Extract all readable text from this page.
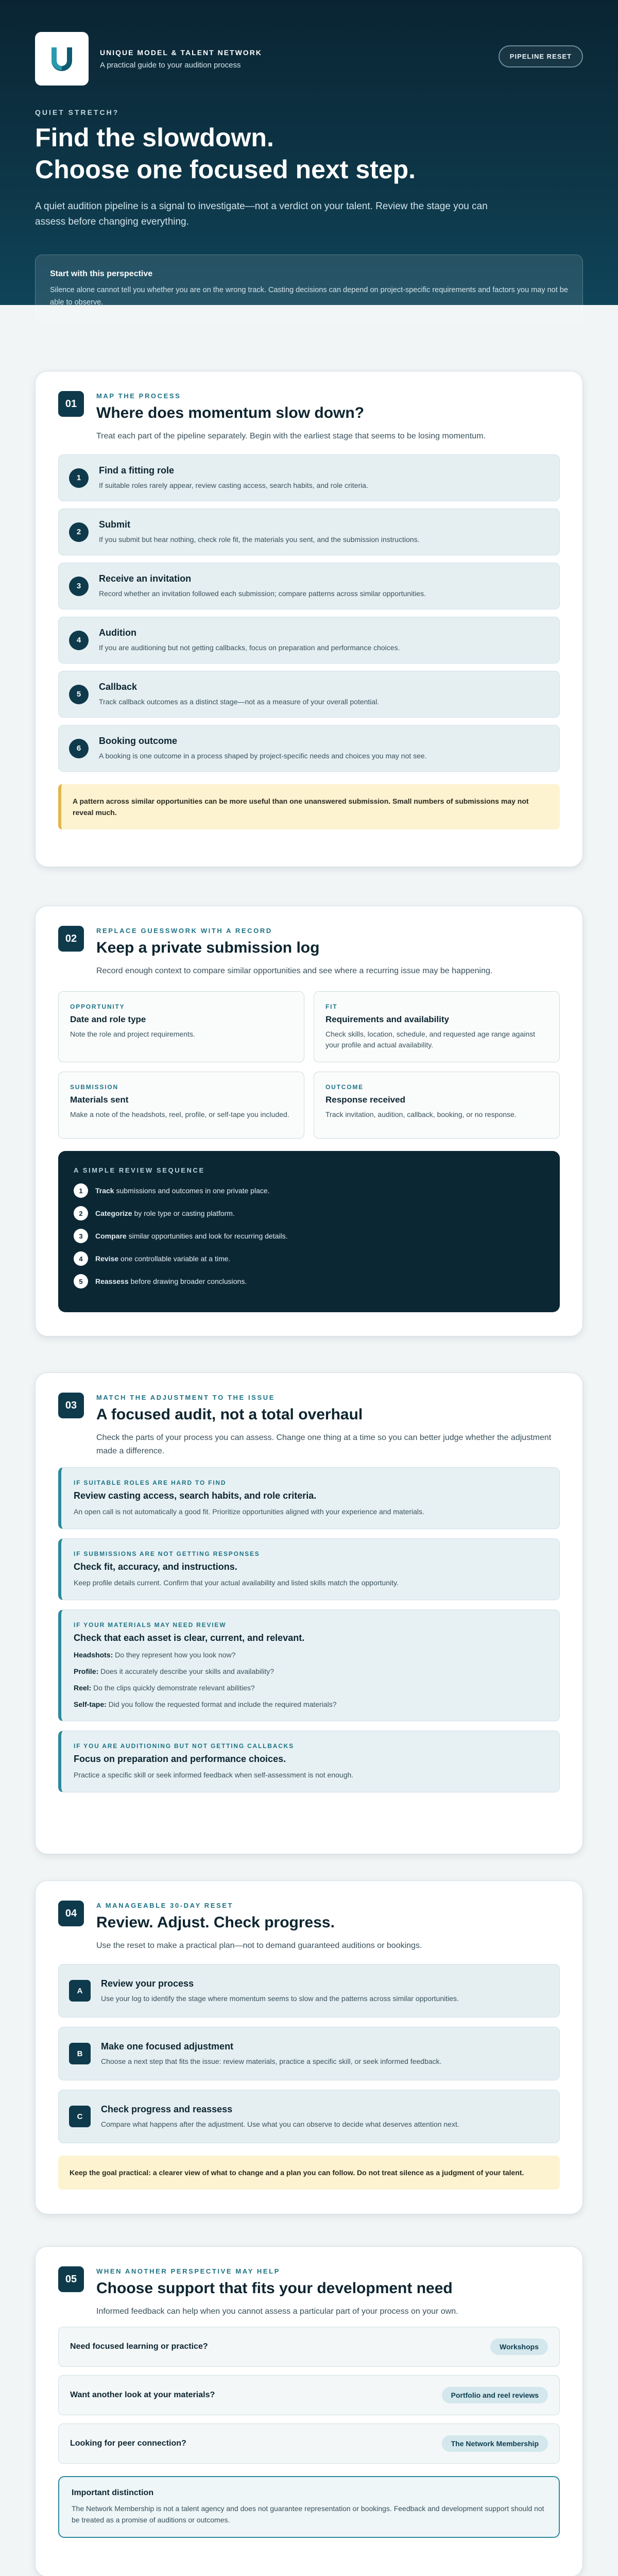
UNIQUE MODEL & TALENT NETWORK
A practical guide to your audition process
PIPELINE RESET
QUIET STRETCH?
Find the slowdown.
Choose one focused next step.

A quiet audition pipeline is a signal to investigate—not a verdict on your talent. Review the stage you can assess before changing everything.

Start with this perspective
Silence alone cannot tell you whether you are on the wrong track. Casting decisions can depend on project-specific requirements and factors you may not be able to observe.
01
MAP THE PROCESS
Where does momentum slow down?

Treat each part of the pipeline separately. Begin with the earliest stage that seems to be losing momentum.

1
Find a fitting role
If suitable roles rarely appear, review casting access, search habits, and role criteria.
2
Submit
If you submit but hear nothing, check role fit, the materials you sent, and the submission instructions.
3
Receive an invitation
Record whether an invitation followed each submission; compare patterns across similar opportunities.
4
Audition
If you are auditioning but not getting callbacks, focus on preparation and performance choices.
5
Callback
Track callback outcomes as a distinct stage—not as a measure of your overall potential.
6
Booking outcome
A booking is one outcome in a process shaped by project-specific needs and choices you may not see.
A pattern across similar opportunities can be more useful than one unanswered submission. Small numbers of submissions may not reveal much.
02
REPLACE GUESSWORK WITH A RECORD
Keep a private submission log

Record enough context to compare similar opportunities and see where a recurring issue may be happening.

OPPORTUNITY
Date and role type
Note the role and project requirements.
FIT
Requirements and availability
Check skills, location, schedule, and requested age range against your profile and actual availability.
SUBMISSION
Materials sent
Make a note of the headshots, reel, profile, or self-tape you included.
OUTCOME
Response received
Track invitation, audition, callback, booking, or no response.
A SIMPLE REVIEW SEQUENCE
1	Track submissions and outcomes in one private place.
2	Categorize by role type or casting platform.
3	Compare similar opportunities and look for recurring details.
4	Revise one controllable variable at a time.
5	Reassess before drawing broader conclusions.
03
MATCH THE ADJUSTMENT TO THE ISSUE
A focused audit, not a total overhaul

Check the parts of your process you can assess. Change one thing at a time so you can better judge whether the adjustment made a difference.

IF SUITABLE ROLES ARE HARD TO FIND
Review casting access, search habits, and role criteria.
An open call is not automatically a good fit. Prioritize opportunities aligned with your experience and materials.
IF SUBMISSIONS ARE NOT GETTING RESPONSES
Check fit, accuracy, and instructions.
Keep profile details current. Confirm that your actual availability and listed skills match the opportunity.
IF YOUR MATERIALS MAY NEED REVIEW
Check that each asset is clear, current, and relevant.
Headshots: Do they represent how you look now?
Profile: Does it accurately describe your skills and availability?
Reel: Do the clips quickly demonstrate relevant abilities?
Self-tape: Did you follow the requested format and include the required materials?
IF YOU ARE AUDITIONING BUT NOT GETTING CALLBACKS
Focus on preparation and performance choices.
Practice a specific skill or seek informed feedback when self-assessment is not enough.
04
A MANAGEABLE 30-DAY RESET
Review. Adjust. Check progress.

Use the reset to make a practical plan—not to demand guaranteed auditions or bookings.

A
Review your process
Use your log to identify the stage where momentum seems to slow and the patterns across similar opportunities.
B
Make one focused adjustment
Choose a next step that fits the issue: review materials, practice a specific skill, or seek informed feedback.
C
Check progress and reassess
Compare what happens after the adjustment. Use what you can observe to decide what deserves attention next.
Keep the goal practical: a clearer view of what to change and a plan you can follow. Do not treat silence as a judgment of your talent.
05
WHEN ANOTHER PERSPECTIVE MAY HELP
Choose support that fits your development need

Informed feedback can help when you cannot assess a particular part of your process on your own.

Need focused learning or practice?	Workshops
Want another look at your materials?	Portfolio and reel reviews
Looking for peer connection?	The Network Membership
Important distinction
The Network Membership is not a talent agency and does not guarantee representation or bookings. Feedback and development support should not be treated as a promise of auditions or outcomes.
